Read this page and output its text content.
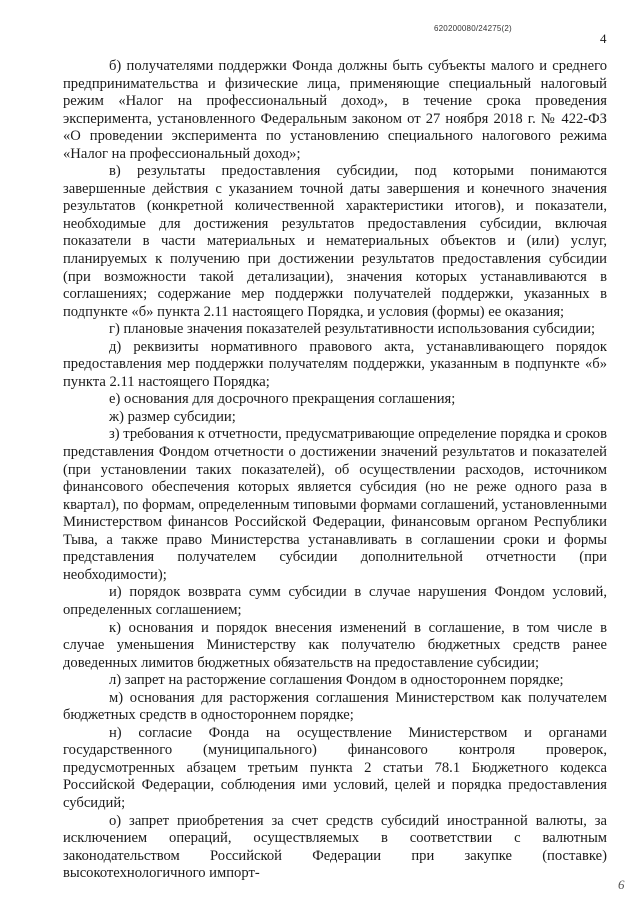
620200080/24275(2)
4

б) получателями поддержки Фонда должны быть субъекты малого и среднего предпринимательства и физические лица, применяющие специальный налоговый режим «Налог на профессиональный доход», в течение срока проведения эксперимента, установленного Федеральным законом от 27 ноября 2018 г. № 422-ФЗ «О проведении эксперимента по установлению специального налогового режима «Налог на профессиональный доход»;

в) результаты предоставления субсидии, под которыми понимаются завершенные действия с указанием точной даты завершения и конечного значения результатов (конкретной количественной характеристики итогов), и показатели, необходимые для достижения результатов предоставления субсидии, включая показатели в части материальных и нематериальных объектов и (или) услуг, планируемых к получению при достижении результатов предоставления субсидии (при возможности такой детализации), значения которых устанавливаются в соглашениях; содержание мер поддержки получателей поддержки, указанных в подпункте «б» пункта 2.11 настоящего Порядка, и условия (формы) ее оказания;

г) плановые значения показателей результативности использования субсидии;

д) реквизиты нормативного правового акта, устанавливающего порядок предоставления мер поддержки получателям поддержки, указанным в подпункте «б» пункта 2.11 настоящего Порядка;

е) основания для досрочного прекращения соглашения;

ж) размер субсидии;

з) требования к отчетности, предусматривающие определение порядка и сроков представления Фондом отчетности о достижении значений результатов и показателей (при установлении таких показателей), об осуществлении расходов, источником финансового обеспечения которых является субсидия (но не реже одного раза в квартал), по формам, определенным типовыми формами соглашений, установленными Министерством финансов Российской Федерации, финансовым органом Республики Тыва, а также право Министерства устанавливать в соглашении сроки и формы представления получателем субсидии дополнительной отчетности (при необходимости);

и) порядок возврата сумм субсидии в случае нарушения Фондом условий, определенных соглашением;

к) основания и порядок внесения изменений в соглашение, в том числе в случае уменьшения Министерству как получателю бюджетных средств ранее доведенных лимитов бюджетных обязательств на предоставление субсидии;

л) запрет на расторжение соглашения Фондом в одностороннем порядке;

м) основания для расторжения соглашения Министерством как получателем бюджетных средств в одностороннем порядке;

н) согласие Фонда на осуществление Министерством и органами государственного (муниципального) финансового контроля проверок, предусмотренных абзацем третьим пункта 2 статьи 78.1 Бюджетного кодекса Российской Федерации, соблюдения ими условий, целей и порядка предоставления субсидий;

о) запрет приобретения за счет средств субсидий иностранной валюты, за исключением операций, осуществляемых в соответствии с валютным законодательством Российской Федерации при закупке (поставке) высокотехнологичного импорт-

6
